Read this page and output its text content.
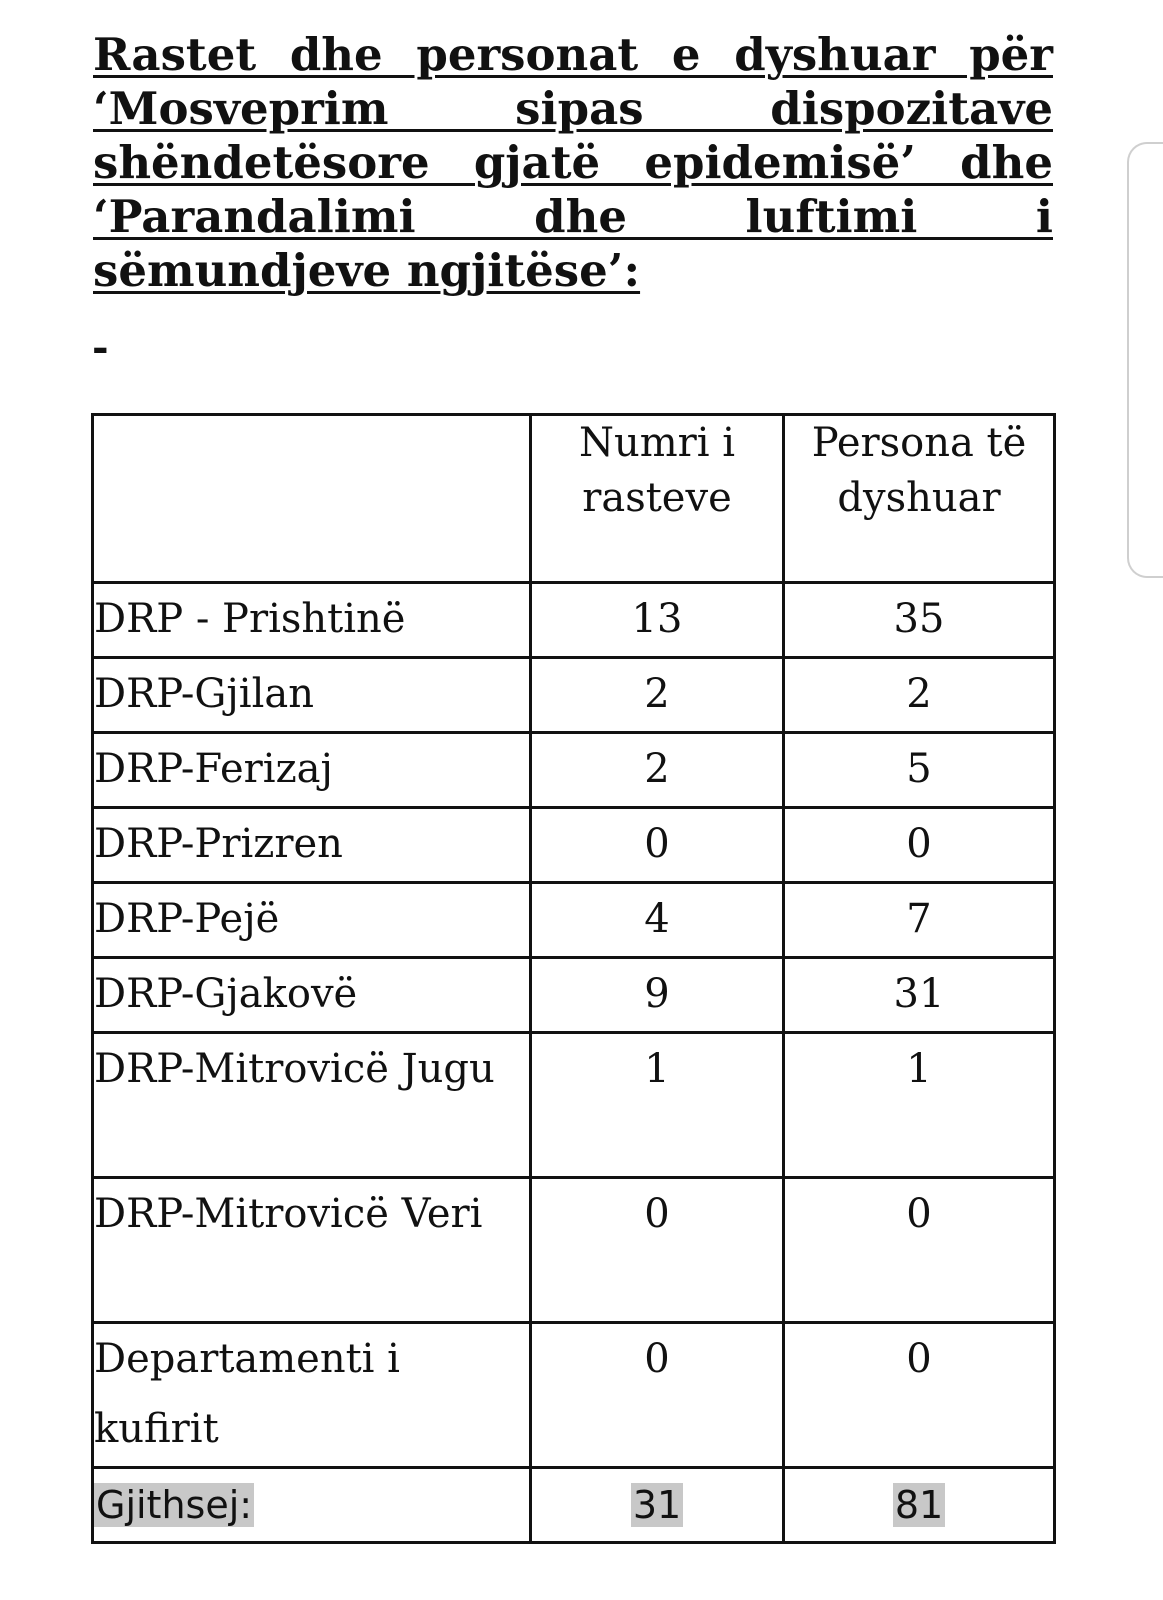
Rastet dhe personat e dyshuar për ‘Mosveprim sipas dispozitave shëndetësore gjatë epidemisë’ dhe ‘Parandalimi dhe luftimi i sëmundjeve ngjitëse’:

-
	Numri i rasteve	Persona të dyshuar
DRP - Prishtinë	13	35
DRP-Gjilan	2	2
DRP-Ferizaj	2	5
DRP-Prizren	0	0
DRP-Pejë	4	7
DRP-Gjakovë	9	31
DRP-Mitrovicë Jugu	1	1
DRP-Mitrovicë Veri	0	0
Departamenti i kufirit	0	0
Gjithsej:	31	81
